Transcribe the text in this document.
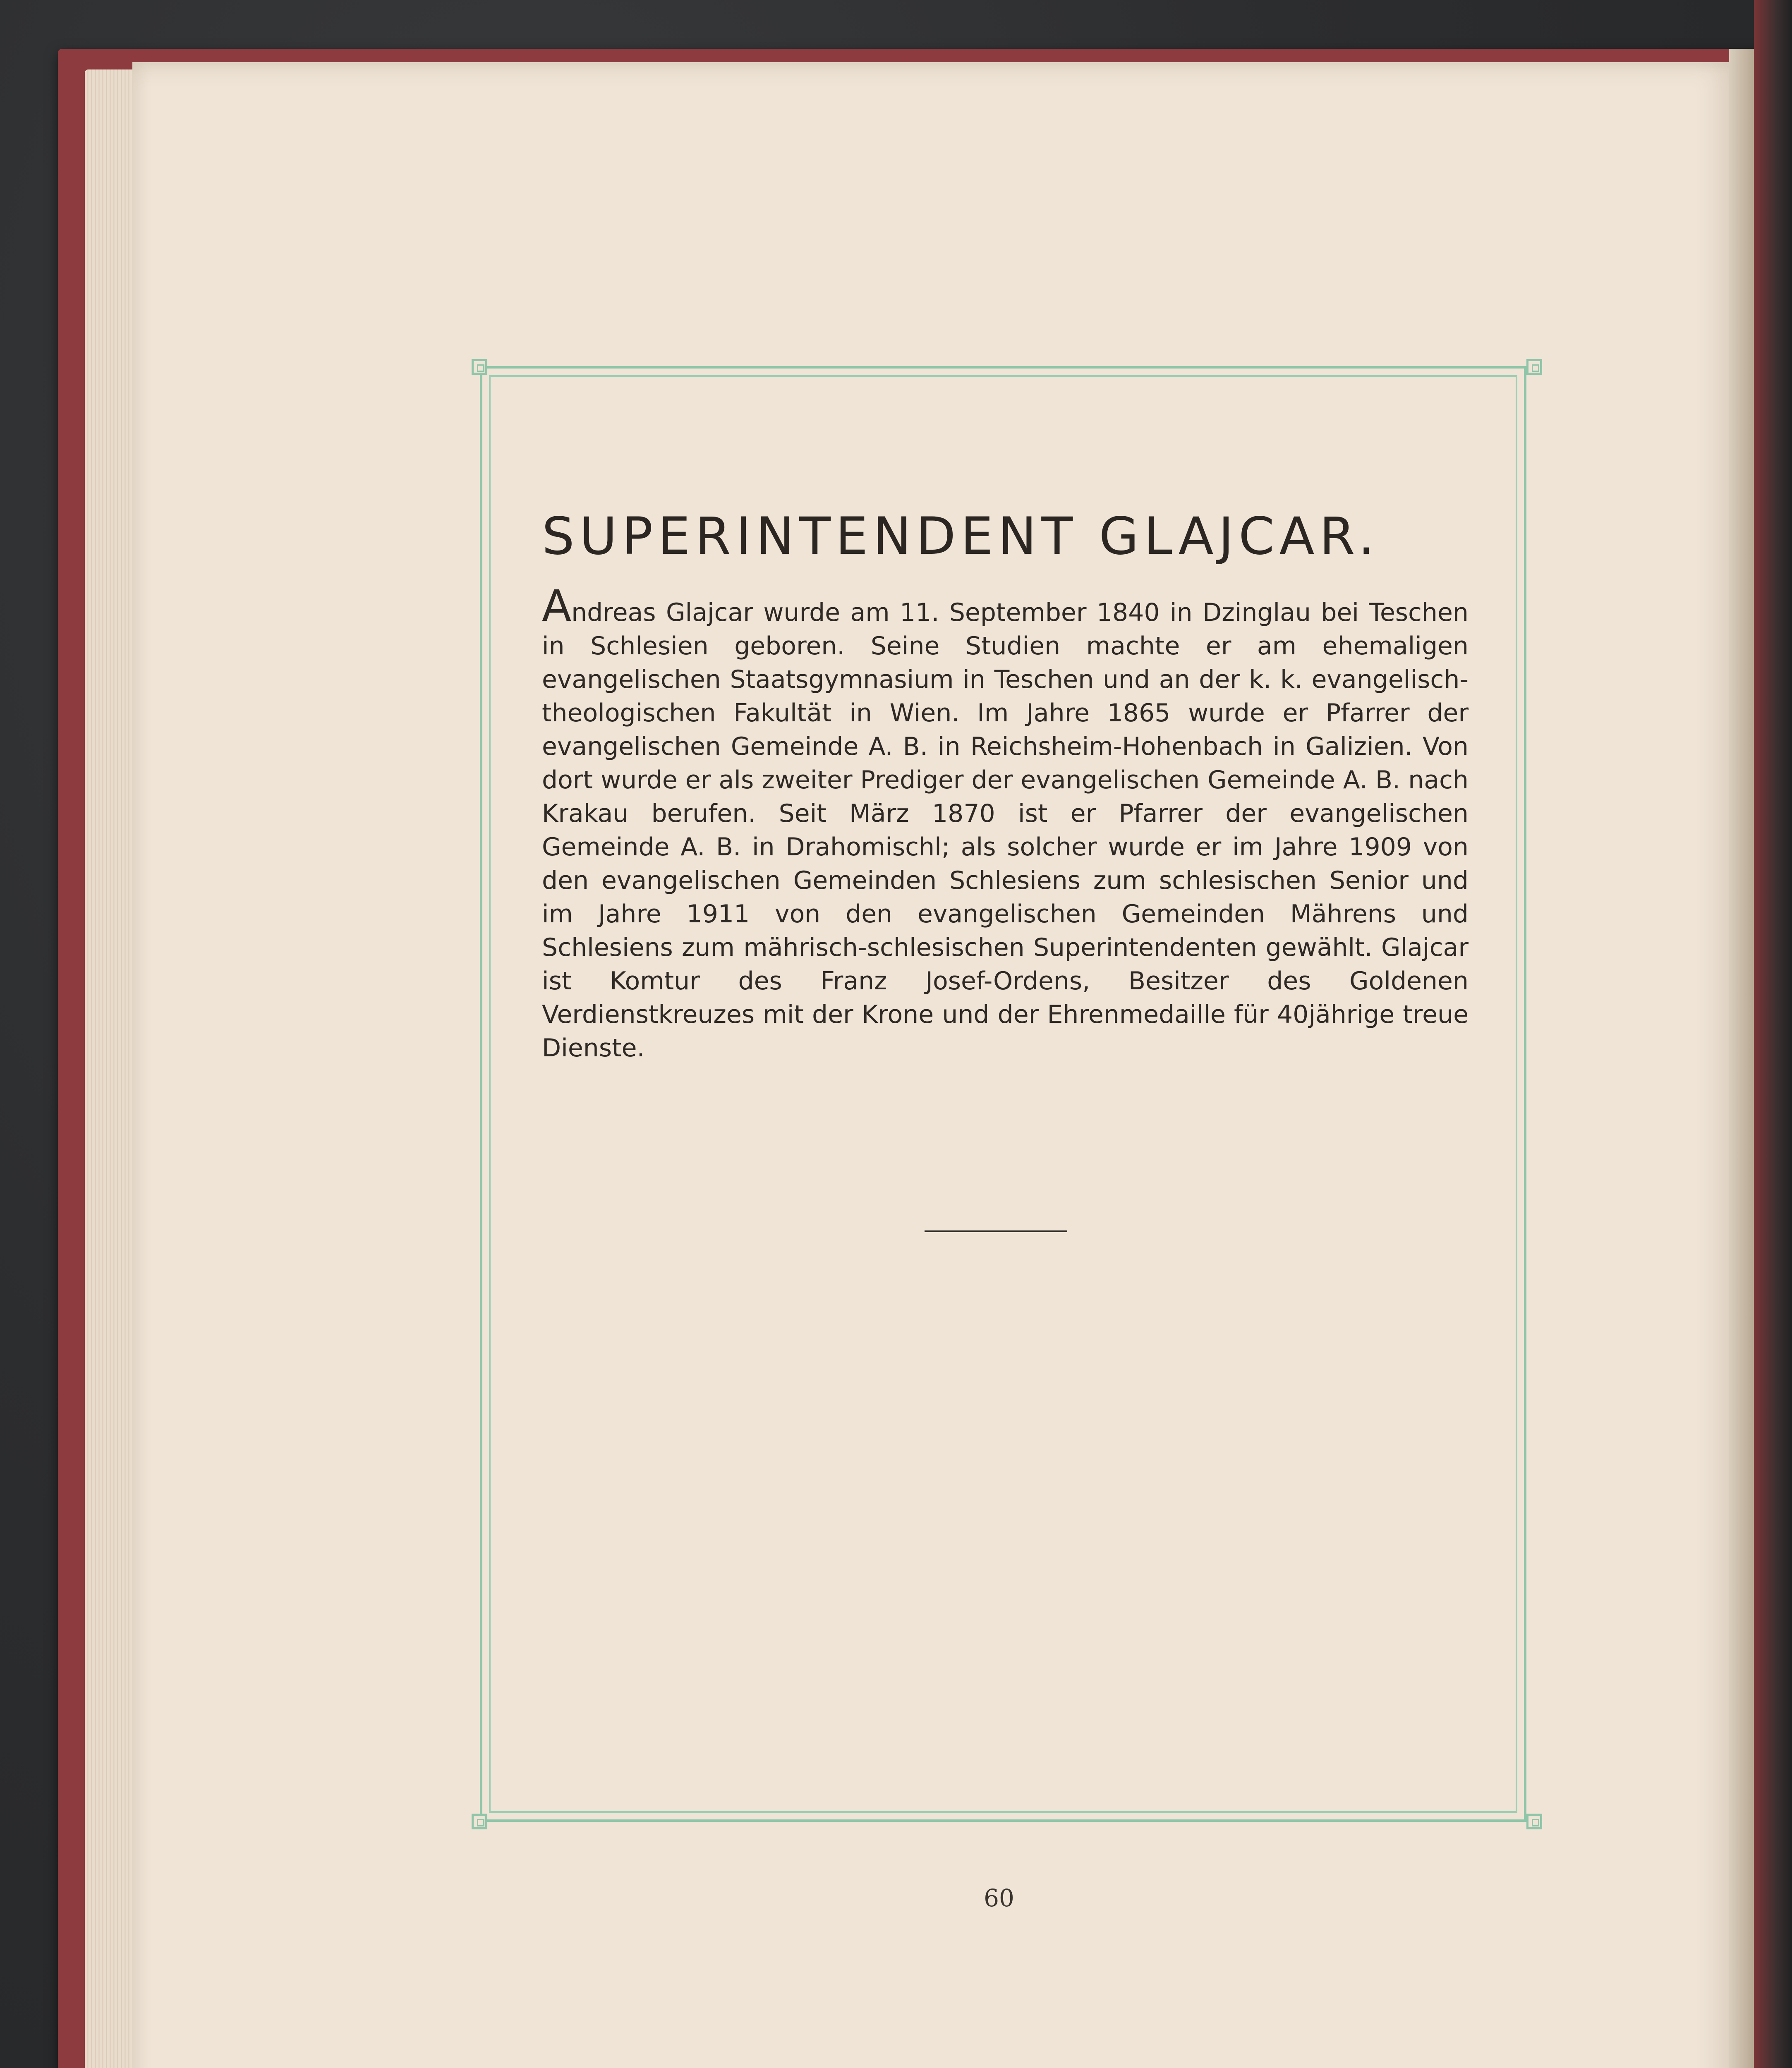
SUPERINTENDENT GLAJCAR.
Andreas Glajcar wurde am 11. September 1840 in Dzinglau bei Teschen in Schlesien geboren. Seine Studien machte er am ehemaligen evangelischen Staatsgymnasium in Teschen und an der k. k. evangelisch-theologischen Fakultät in Wien. Im Jahre 1865 wurde er Pfarrer der evangelischen Gemeinde A. B. in Reichsheim-Hohenbach in Galizien. Von dort wurde er als zweiter Prediger der evangelischen Gemeinde A. B. nach Krakau berufen. Seit März 1870 ist er Pfarrer der evangelischen Gemeinde A. B. in Drahomischl; als solcher wurde er im Jahre 1909 von den evangelischen Gemeinden Schlesiens zum schlesischen Senior und im Jahre 1911 von den evangelischen Gemeinden Mährens und Schlesiens zum mährisch-schlesischen Superintendenten gewählt. Glajcar ist Komtur des Franz Josef-Ordens, Besitzer des Goldenen Verdienstkreuzes mit der Krone und der Ehrenmedaille für 40jährige treue Dienste.
60
